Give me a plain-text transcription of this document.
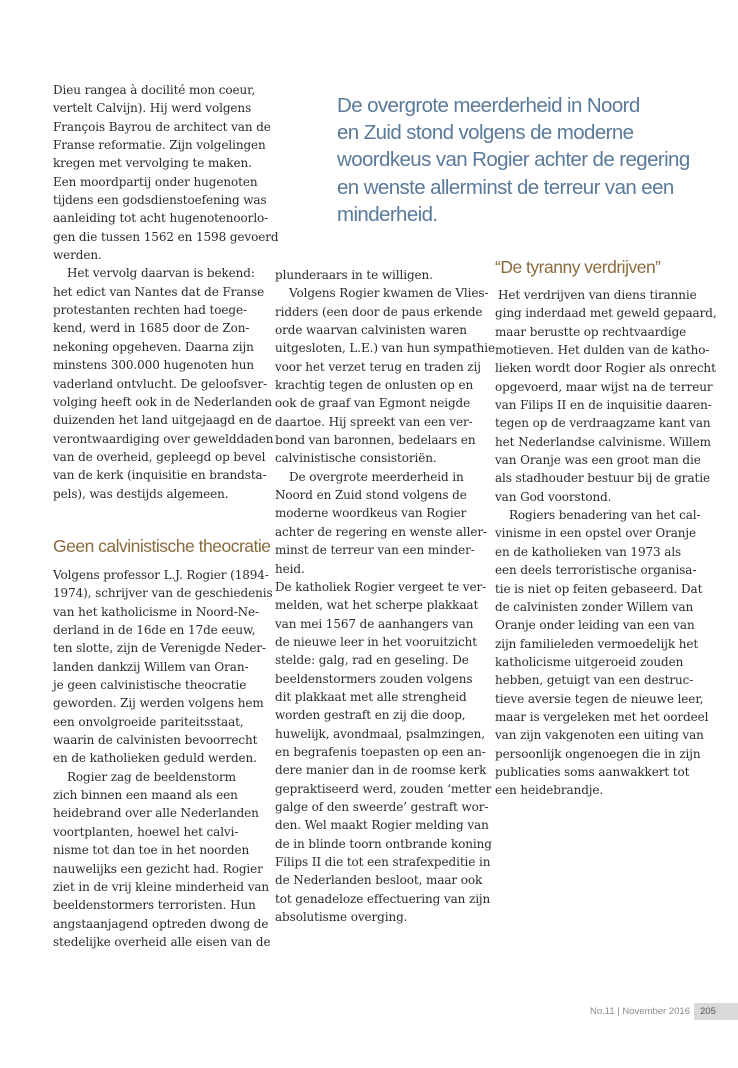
De overgrote meerderheid in Noord
en Zuid stond volgens de moderne
woordkeus van Rogier achter de regering
en wenste allerminst de terreur van een
minderheid.

Dieu rangea à docilité mon coeur,

vertelt Calvijn). Hij werd volgens

François Bayrou de architect van de

Franse reformatie. Zijn volgelingen

kregen met vervolging te maken.

Een moordpartij onder hugenoten

tijdens een godsdienstoefening was

aanleiding tot acht hugenotenoorlo-

gen die tussen 1562 en 1598 gevoerd

werden.

Het vervolg daarvan is bekend:

het edict van Nantes dat de Franse

protestanten rechten had toege-

kend, werd in 1685 door de Zon-

nekoning opgeheven. Daarna zijn

minstens 300.000 hugenoten hun

vaderland ontvlucht. De geloofsver-

volging heeft ook in de Nederlanden

duizenden het land uitgejaagd en de

verontwaardiging over gewelddaden

van de overheid, gepleegd op bevel

van de kerk (inquisitie en brandsta-

pels), was destijds algemeen.

Geen calvinistische theocratie

Volgens professor L.J. Rogier (1894-

1974), schrijver van de geschiedenis

van het katholicisme in Noord-Ne-

derland in de 16de en 17de eeuw,

ten slotte, zijn de Verenigde Neder-

landen dankzij Willem van Oran-

je geen calvinistische theocratie

geworden. Zij werden volgens hem

een onvolgroeide pariteitsstaat,

waarin de calvinisten bevoorrecht

en de katholieken geduld werden.

Rogier zag de beeldenstorm

zich binnen een maand als een

heidebrand over alle Nederlanden

voortplanten, hoewel het calvi-

nisme tot dan toe in het noorden

nauwelijks een gezicht had. Rogier

ziet in de vrij kleine minderheid van

beeldenstormers terroristen. Hun

angstaanjagend optreden dwong de

stedelijke overheid alle eisen van de

plunderaars in te willigen.

Volgens Rogier kwamen de Vlies-

ridders (een door de paus erkende

orde waarvan calvinisten waren

uitgesloten, L.E.) van hun sympathie

voor het verzet terug en traden zij

krachtig tegen de onlusten op en

ook de graaf van Egmont neigde

daartoe. Hij spreekt van een ver-

bond van baronnen, bedelaars en

calvinistische consistoriën.

De overgrote meerderheid in

Noord en Zuid stond volgens de

moderne woordkeus van Rogier

achter de regering en wenste aller-

minst de terreur van een minder-

heid.

De katholiek Rogier vergeet te ver-

melden, wat het scherpe plakkaat

van mei 1567 de aanhangers van

de nieuwe leer in het vooruitzicht

stelde: galg, rad en geseling. De

beeldenstormers zouden volgens

dit plakkaat met alle strengheid

worden gestraft en zij die doop,

huwelijk, avondmaal, psalmzingen,

en begrafenis toepasten op een an-

dere manier dan in de roomse kerk

gepraktiseerd werd, zouden ‘metter

galge of den sweerde’ gestraft wor-

den. Wel maakt Rogier melding van

de in blinde toorn ontbrande koning

Filips II die tot een strafexpeditie in

de Nederlanden besloot, maar ook

tot genadeloze effectuering van zijn

absolutisme overging.

“De tyranny verdrijven”

Het verdrijven van diens tirannie

ging inderdaad met geweld gepaard,

maar berustte op rechtvaardige

motieven. Het dulden van de katho-

lieken wordt door Rogier als onrecht

opgevoerd, maar wijst na de terreur

van Filips II en de inquisitie daaren-

tegen op de verdraagzame kant van

het Nederlandse calvinisme. Willem

van Oranje was een groot man die

als stadhouder bestuur bij de gratie

van God voorstond.

Rogiers benadering van het cal-

vinisme in een opstel over Oranje

en de katholieken van 1973 als

een deels terroristische organisa-

tie is niet op feiten gebaseerd. Dat

de calvinisten zonder Willem van

Oranje onder leiding van een van

zijn familieleden vermoedelijk het

katholicisme uitgeroeid zouden

hebben, getuigt van een destruc-

tieve aversie tegen de nieuwe leer,

maar is vergeleken met het oordeel

van zijn vakgenoten een uiting van

persoonlijk ongenoegen die in zijn

publicaties soms aanwakkert tot

een heidebrandje.

No.11 | November 2016	205
